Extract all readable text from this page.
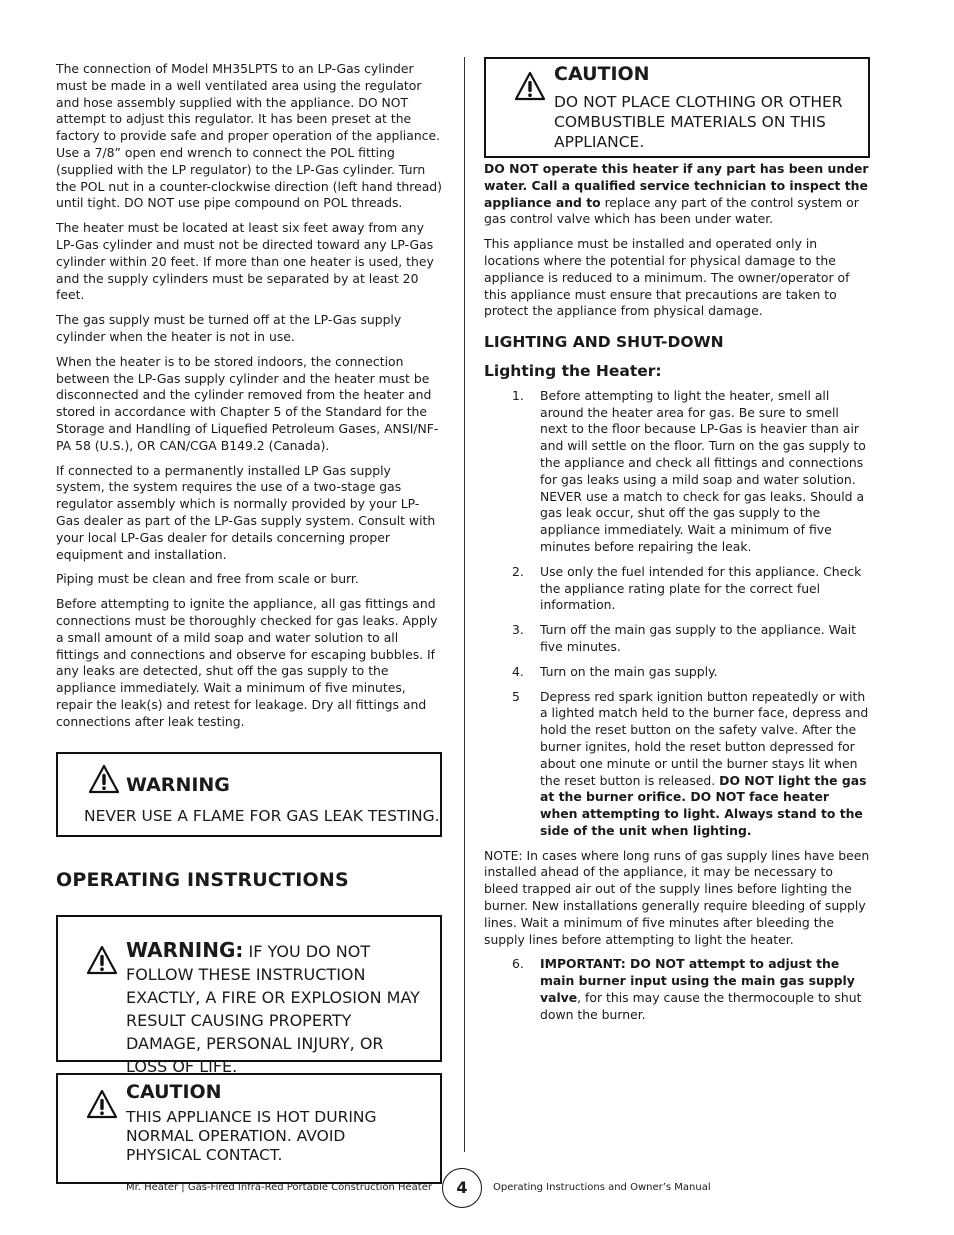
The connection of Model MH35LPTS to an LP-Gas cylinder must be made in a well ventilated area using the regulator and hose assembly supplied with the appliance. DO NOT attempt to adjust this regulator. It has been preset at the factory to provide safe and proper operation of the appliance. Use a 7/8” open end wrench to connect the POL fitting (supplied with the LP regulator) to the LP-Gas cylinder. Turn the POL nut in a counter-clockwise direction (left hand thread) until tight. DO NOT use pipe compound on POL threads.

The heater must be located at least six feet away from any LP-Gas cylinder and must not be directed toward any LP-Gas cylinder within 20 feet. If more than one heater is used, they and the supply cylinders must be separated by at least 20 feet.

The gas supply must be turned off at the LP-Gas supply cylinder when the heater is not in use.

When the heater is to be stored indoors, the connection between the LP-Gas supply cylinder and the heater must be disconnected and the cylinder removed from the heater and stored in accordance with Chapter 5 of the Standard for the Storage and Handling of Liquefied Petroleum Gases, ANSI/NF-PA 58 (U.S.), OR CAN/CGA B149.2 (Canada).

If connected to a permanently installed LP Gas supply system, the system requires the use of a two-stage gas regulator assembly which is normally provided by your LP-Gas dealer as part of the LP-Gas supply system. Consult with your local LP-Gas dealer for details concerning proper equipment and installation.

Piping must be clean and free from scale or burr.

Before attempting to ignite the appliance, all gas fittings and connections must be thoroughly checked for gas leaks. Apply a small amount of a mild soap and water solution to all fittings and connections and observe for escaping bubbles. If any leaks are detected, shut off the gas supply to the appliance immediately. Wait a minimum of five minutes, repair the leak(s) and retest for leakage. Dry all fittings and connections after leak testing.

WARNING
NEVER USE A FLAME FOR GAS LEAK TESTING.
OPERATING INSTRUCTIONS
WARNING: IF YOU DO NOT FOLLOW THESE INSTRUCTION EXACTLY, A FIRE OR EXPLOSION MAY RESULT CAUSING PROPERTY DAMAGE, PERSONAL INJURY, OR LOSS OF LIFE.
CAUTION
THIS APPLIANCE IS HOT DURING NORMAL OPERATION. AVOID PHYSICAL CONTACT.
CAUTION
DO NOT PLACE CLOTHING OR OTHER COMBUSTIBLE MATERIALS ON THIS APPLIANCE.

DO NOT operate this heater if any part has been under water. Call a qualified service technician to inspect the appliance and to replace any part of the control system or gas control valve which has been under water.

This appliance must be installed and operated only in locations where the potential for physical damage to the appliance is reduced to a minimum. The owner/operator of this appliance must ensure that precautions are taken to protect the appliance from physical damage.

LIGHTING AND SHUT-DOWN
Lighting the Heater:
1. Before attempting to light the heater, smell all around the heater area for gas. Be sure to smell next to the floor because LP-Gas is heavier than air and will settle on the floor. Turn on the gas supply to the appliance and check all fittings and connections for gas leaks using a mild soap and water solution. NEVER use a match to check for gas leaks. Should a gas leak occur, shut off the gas supply to the appliance immediately. Wait a minimum of five minutes before repairing the leak.
2. Use only the fuel intended for this appliance. Check the appliance rating plate for the correct fuel information.
3. Turn off the main gas supply to the appliance. Wait five minutes.
4. Turn on the main gas supply.
5 Depress red spark ignition button repeatedly or with a lighted match held to the burner face, depress and hold the reset button on the safety valve. After the burner ignites, hold the reset button depressed for about one minute or until the burner stays lit when the reset button is released. DO NOT light the gas at the burner orifice. DO NOT face heater when attempting to light. Always stand to the side of the unit when lighting.

NOTE: In cases where long runs of gas supply lines have been installed ahead of the appliance, it may be necessary to bleed trapped air out of the supply lines before lighting the burner. New installations generally require bleeding of supply lines. Wait a minimum of five minutes after bleeding the supply lines before attempting to light the heater.

6. IMPORTANT: DO NOT attempt to adjust the main burner input using the main gas supply valve, for this may cause the thermocouple to shut down the burner.
Mr. Heater | Gas-Fired Infra-Red Portable Construction Heater	4	Operating Instructions and Owner’s Manual
